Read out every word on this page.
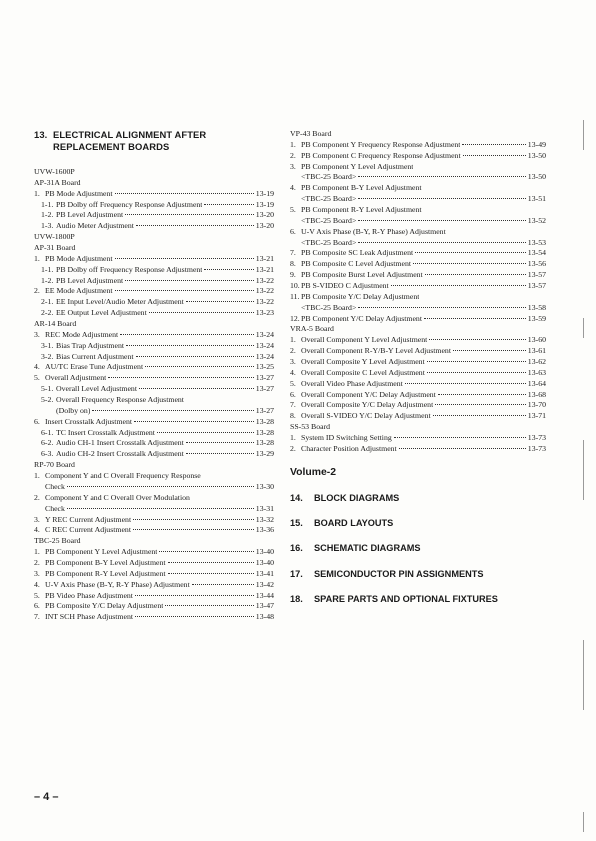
13. ELECTRICAL ALIGNMENT AFTER REPLACEMENT BOARDS
UVW-1600P
AP-31A Board
1. PB Mode Adjustment	13-19
1-1. PB Dolby off Frequency Response Adjustment	13-19
1-2. PB Level Adjustment	13-20
1-3. Audio Meter Adjustment	13-20
UVW-1800P
AP-31 Board
1. PB Mode Adjustment	13-21
1-1. PB Dolby off Frequency Response Adjustment	13-21
1-2. PB Level Adjustment	13-22
2. EE Mode Adjustment	13-22
2-1. EE Input Level/Audio Meter Adjustment	13-22
2-2. EE Output Level Adjustment	13-23
AR-14 Board
3. REC Mode Adjustment	13-24
3-1. Bias Trap Adjustment	13-24
3-2. Bias Current Adjustment	13-24
4. AU/TC Erase Tune Adjustment	13-25
5. Overall Adjustment	13-27
5-1. Overall Level Adjustment	13-27
5-2. Overall Frequency Response Adjustment
(Dolby on)	13-27
6. Insert Crosstalk Adjustment	13-28
6-1. TC Insert Crosstalk Adjustment	13-28
6-2. Audio CH-1 Insert Crosstalk Adjustment	13-28
6-3. Audio CH-2 Insert Crosstalk Adjustment	13-29
RP-70 Board
1. Component Y and C Overall Frequency Response
Check	13-30
2. Component Y and C Overall Over Modulation
Check	13-31
3. Y REC Current Adjustment	13-32
4. C REC Current Adjustment	13-36
TBC-25 Board
1. PB Component Y Level Adjustment	13-40
2. PB Component B-Y Level Adjustment	13-40
3. PB Component R-Y Level Adjustment	13-41
4. U-V Axis Phase (B-Y, R-Y Phase) Adjustment	13-42
5. PB Video Phase Adjustment	13-44
6. PB Composite Y/C Delay Adjustment	13-47
7. INT SCH Phase Adjustment	13-48
VP-43 Board
1. PB Component Y Frequency Response Adjustment	13-49
2. PB Component C Frequency Response Adjustment	13-50
3. PB Component Y Level Adjustment
<TBC-25 Board>	13-50
4. PB Component B-Y Level Adjustment
<TBC-25 Board>	13-51
5. PB Component R-Y Level Adjustment
<TBC-25 Board>	13-52
6. U-V Axis Phase (B-Y, R-Y Phase) Adjustment
<TBC-25 Board>	13-53
7. PB Composite SC Leak Adjustment	13-54
8. PB Composite C Level Adjustment	13-56
9. PB Composite Burst Level Adjustment	13-57
10. PB S-VIDEO C Adjustment	13-57
11. PB Composite Y/C Delay Adjustment
<TBC-25 Board>	13-58
12. PB Component Y/C Delay Adjustment	13-59
VRA-5 Board
1. Overall Component Y Level Adjustment	13-60
2. Overall Component R-Y/B-Y Level Adjustment	13-61
3. Overall Composite Y Level Adjustment	13-62
4. Overall Composite C Level Adjustment	13-63
5. Overall Video Phase Adjustment	13-64
6. Overall Component Y/C Delay Adjustment	13-68
7. Overall Composite Y/C Delay Adjustment	13-70
8. Overall S-VIDEO Y/C Delay Adjustment	13-71
SS-53 Board
1. System ID Switching Setting	13-73
2. Character Position Adjustment	13-73
Volume-2
14.	BLOCK DIAGRAMS
15.	BOARD LAYOUTS
16.	SCHEMATIC DIAGRAMS
17.	SEMICONDUCTOR PIN ASSIGNMENTS
18.	SPARE PARTS AND OPTIONAL FIXTURES
– 4 –
